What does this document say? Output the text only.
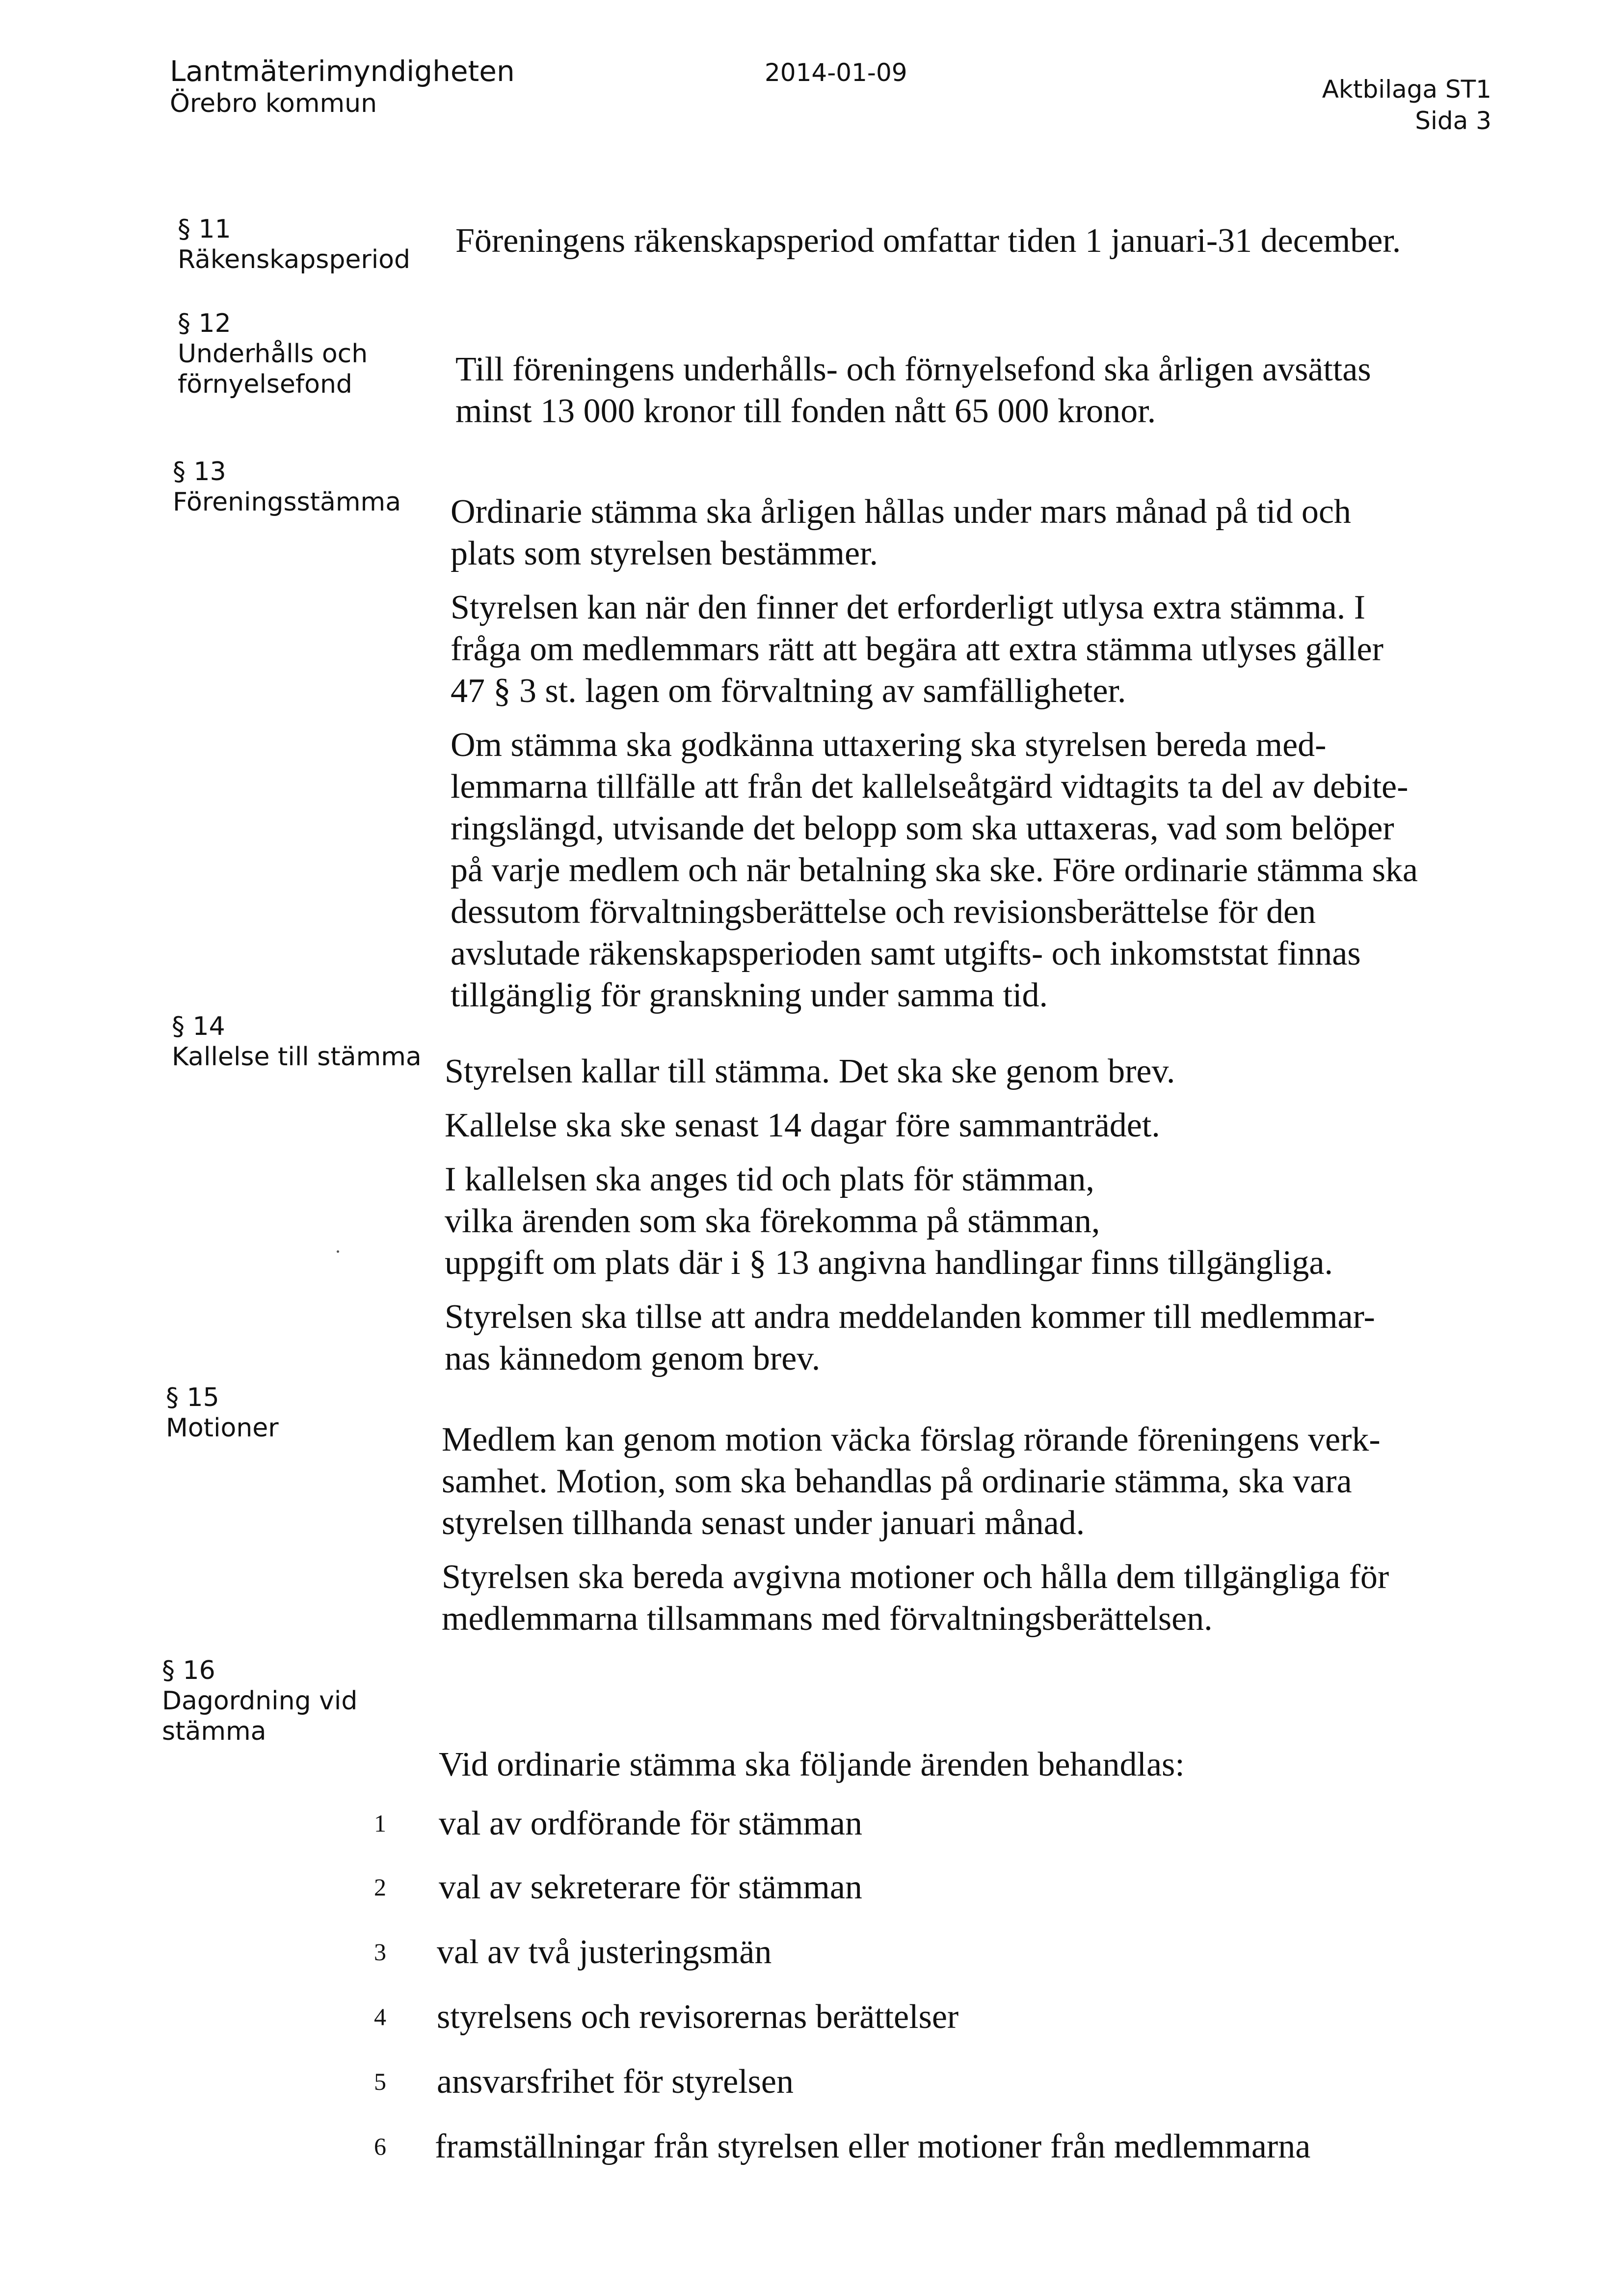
Lantmäterimyndigheten
Örebro kommun
2014-01-09
Aktbilaga ST1
Sida 3
§ 11
Räkenskapsperiod
§ 12
Underhålls och
förnyelsefond
§ 13
Föreningsstämma
§ 14
Kallelse till stämma
§ 15
Motioner
§ 16
Dagordning vid
stämma

Föreningens räkenskapsperiod omfattar tiden 1 januari-31 december.

Till föreningens underhålls- och förnyelsefond ska årligen avsättas
minst 13 000 kronor till fonden nått 65 000 kronor.

Ordinarie stämma ska årligen hållas under mars månad på tid och
plats som styrelsen bestämmer.

Styrelsen kan när den finner det erforderligt utlysa extra stämma. I
fråga om medlemmars rätt att begära att extra stämma utlyses gäller
47 § 3 st. lagen om förvaltning av samfälligheter.

Om stämma ska godkänna uttaxering ska styrelsen bereda med-
lemmarna tillfälle att från det kallelseåtgärd vidtagits ta del av debite-
ringslängd, utvisande det belopp som ska uttaxeras, vad som belöper
på varje medlem och när betalning ska ske. Före ordinarie stämma ska
dessutom förvaltningsberättelse och revisionsberättelse för den
avslutade räkenskapsperioden samt utgifts- och inkomststat finnas
tillgänglig för granskning under samma tid.

Styrelsen kallar till stämma. Det ska ske genom brev.

Kallelse ska ske senast 14 dagar före sammanträdet.

I kallelsen ska anges tid och plats för stämman,
vilka ärenden som ska förekomma på stämman,
uppgift om plats där i § 13 angivna handlingar finns tillgängliga.

Styrelsen ska tillse att andra meddelanden kommer till medlemmar-
nas kännedom genom brev.

Medlem kan genom motion väcka förslag rörande föreningens verk-
samhet. Motion, som ska behandlas på ordinarie stämma, ska vara
styrelsen tillhanda senast under januari månad.

Styrelsen ska bereda avgivna motioner och hålla dem tillgängliga för
medlemmarna tillsammans med förvaltningsberättelsen.

Vid ordinarie stämma ska följande ärenden behandlas:

1 val av ordförande för stämman
2 val av sekreterare för stämman
3 val av två justeringsmän
4 styrelsens och revisorernas berättelser
5 ansvarsfrihet för styrelsen
6 framställningar från styrelsen eller motioner från medlemmarna
